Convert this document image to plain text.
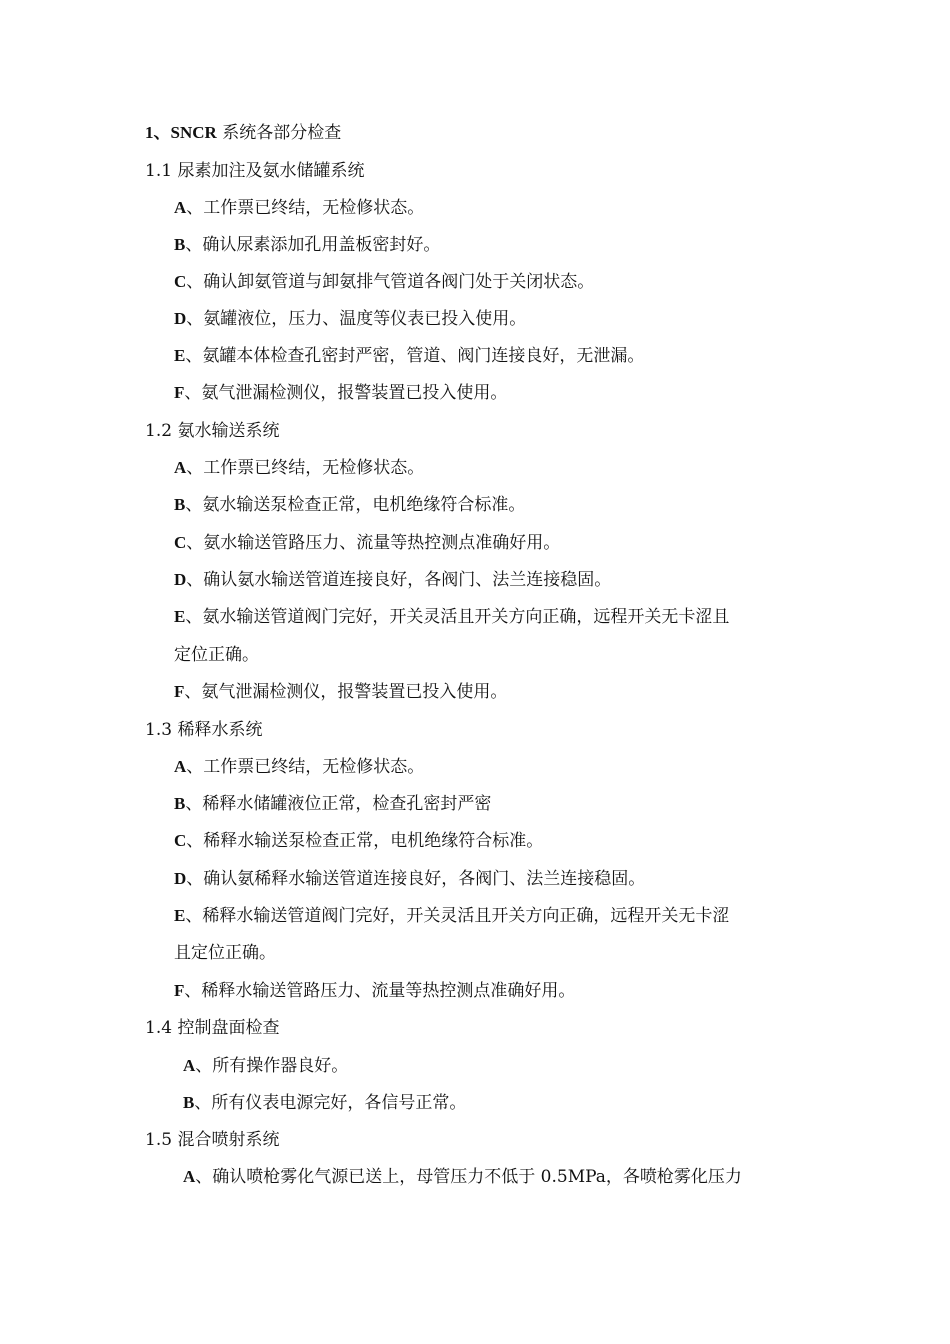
1、SNCR 系统各部分检查
1.1 尿素加注及氨水储罐系统
A、工作票已终结，无检修状态。
B、确认尿素添加孔用盖板密封好。
C、确认卸氨管道与卸氨排气管道各阀门处于关闭状态。
D、氨罐液位，压力、温度等仪表已投入使用。
E、氨罐本体检查孔密封严密，管道、阀门连接良好，无泄漏。
F、氨气泄漏检测仪，报警装置已投入使用。
1.2 氨水输送系统
A、工作票已终结，无检修状态。
B、氨水输送泵检查正常，电机绝缘符合标准。
C、氨水输送管路压力、流量等热控测点准确好用。
D、确认氨水输送管道连接良好，各阀门、法兰连接稳固。
E、氨水输送管道阀门完好，开关灵活且开关方向正确，远程开关无卡涩且
定位正确。
F、氨气泄漏检测仪，报警装置已投入使用。
1.3 稀释水系统
A、工作票已终结，无检修状态。
B、稀释水储罐液位正常，检查孔密封严密
C、稀释水输送泵检查正常，电机绝缘符合标准。
D、确认氨稀释水输送管道连接良好，各阀门、法兰连接稳固。
E、稀释水输送管道阀门完好，开关灵活且开关方向正确，远程开关无卡涩
且定位正确。
F、稀释水输送管路压力、流量等热控测点准确好用。
1.4 控制盘面检查
A、所有操作器良好。
B、所有仪表电源完好，各信号正常。
1.5 混合喷射系统
A、确认喷枪雾化气源已送上，母管压力不低于 0.5MPa，各喷枪雾化压力
